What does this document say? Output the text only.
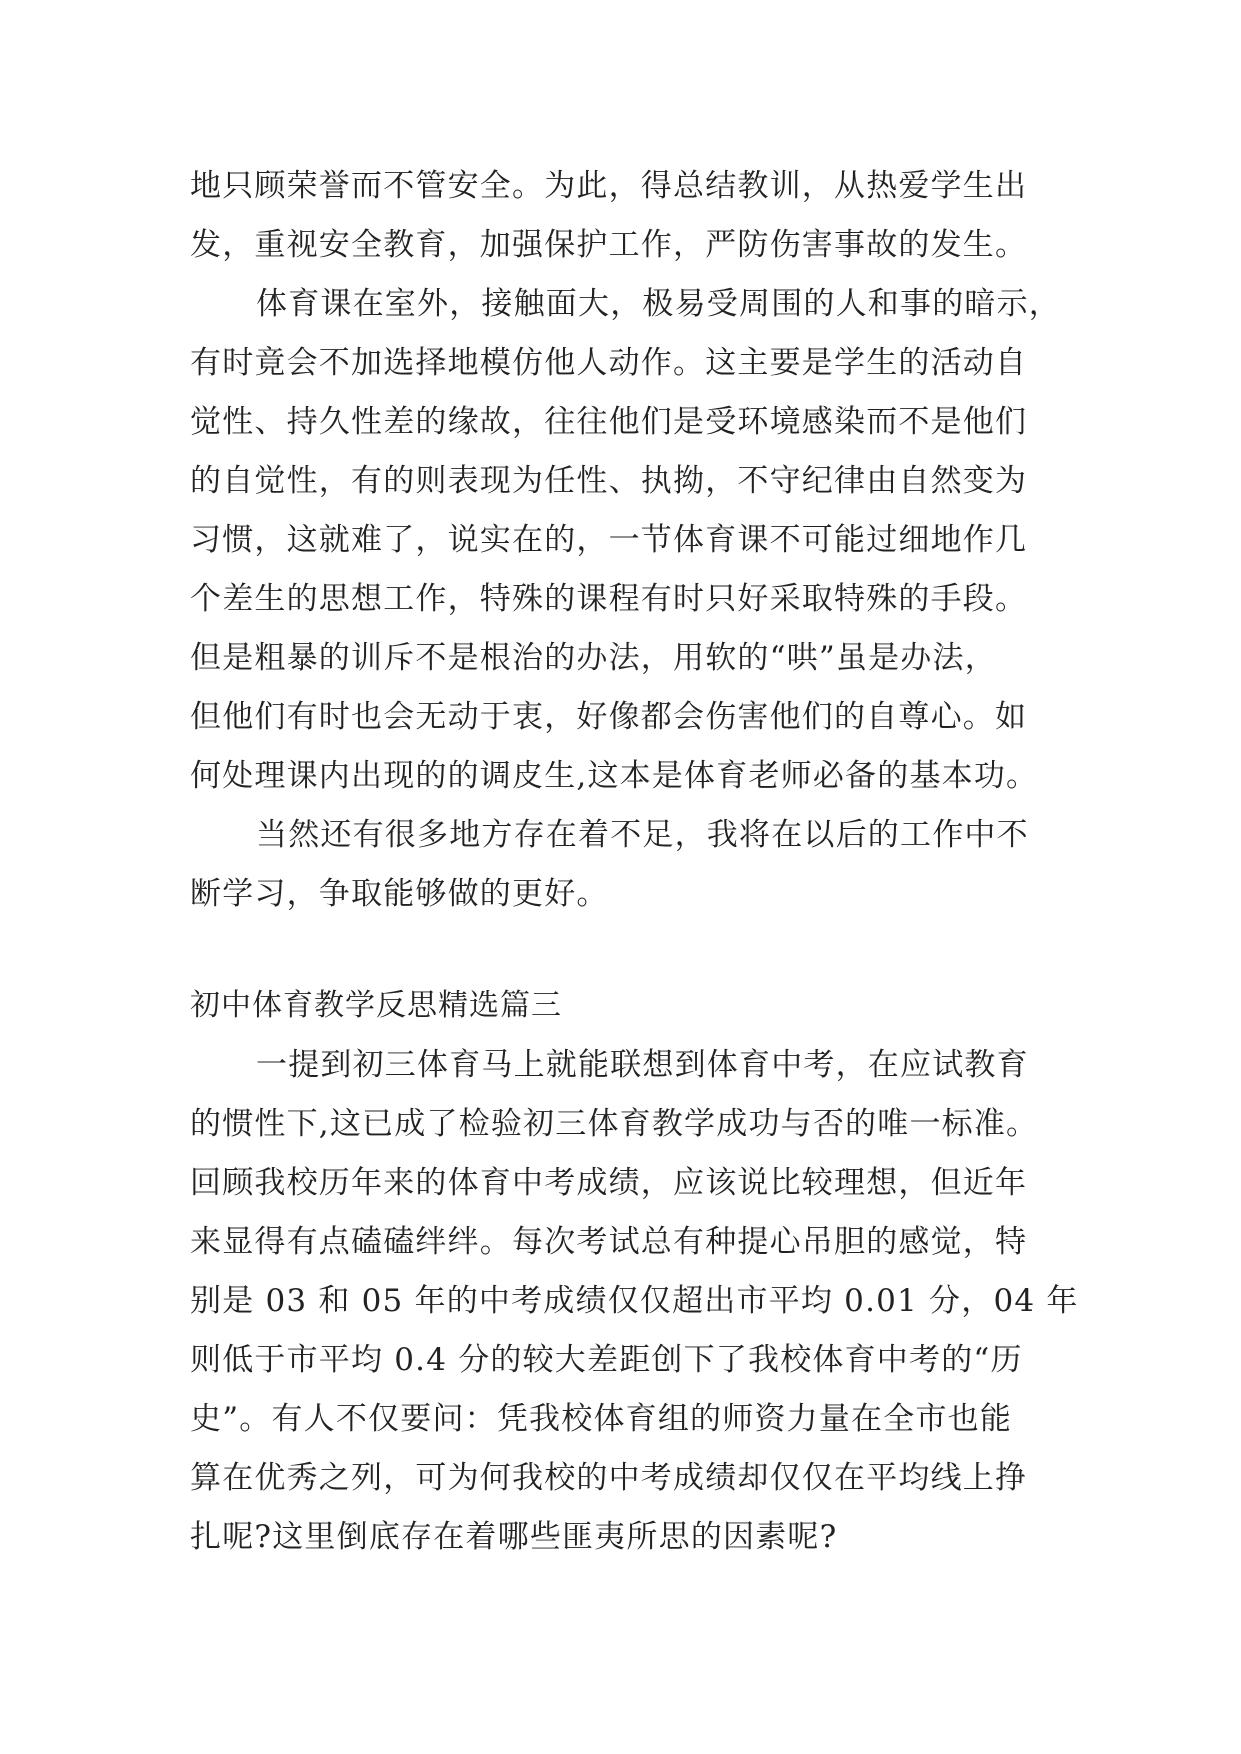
地只顾荣誉而不管安全。为此，得总结教训，从热爱学生出
发，重视安全教育，加强保护工作，严防伤害事故的发生。
体育课在室外，接触面大，极易受周围的人和事的暗示，
有时竟会不加选择地模仿他人动作。这主要是学生的活动自
觉性、持久性差的缘故，往往他们是受环境感染而不是他们
的自觉性，有的则表现为任性、执拗，不守纪律由自然变为
习惯，这就难了，说实在的，一节体育课不可能过细地作几
个差生的思想工作，特殊的课程有时只好采取特殊的手段。
但是粗暴的训斥不是根治的办法，用软的“哄”虽是办法，
但他们有时也会无动于衷，好像都会伤害他们的自尊心。如
何处理课内出现的的调皮生,这本是体育老师必备的基本功。
当然还有很多地方存在着不足，我将在以后的工作中不
断学习，争取能够做的更好。
初中体育教学反思精选篇三
一提到初三体育马上就能联想到体育中考，在应试教育
的惯性下,这已成了检验初三体育教学成功与否的唯一标准。
回顾我校历年来的体育中考成绩，应该说比较理想，但近年
来显得有点磕磕绊绊。每次考试总有种提心吊胆的感觉，特
别是 03 和 05 年的中考成绩仅仅超出市平均 0.01 分，04 年
则低于市平均 0.4 分的较大差距创下了我校体育中考的“历
史”。有人不仅要问：凭我校体育组的师资力量在全市也能
算在优秀之列，可为何我校的中考成绩却仅仅在平均线上挣
扎呢?这里倒底存在着哪些匪夷所思的因素呢?
